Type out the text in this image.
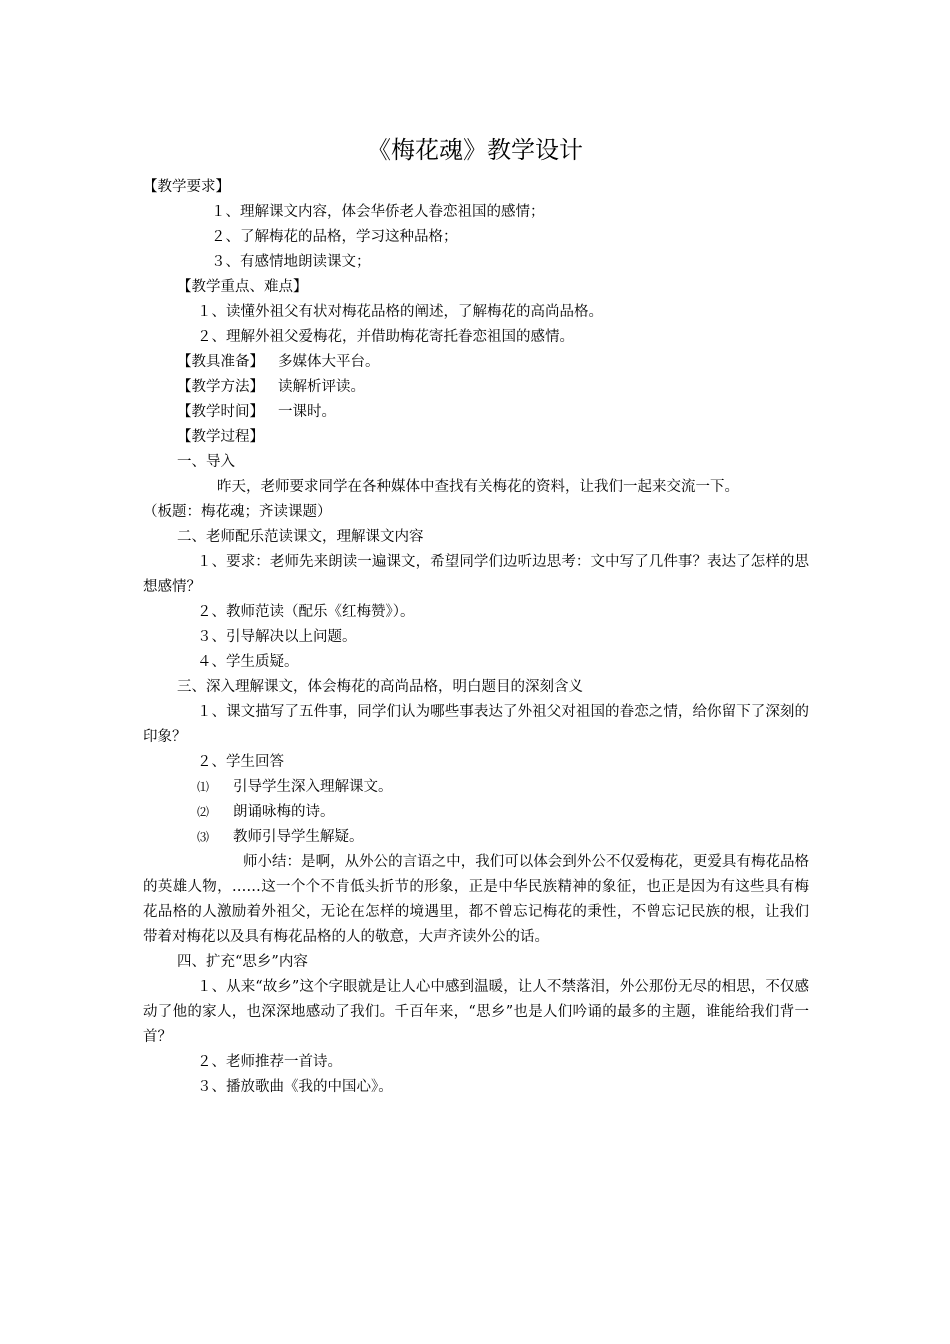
《梅花魂》教学设计

【教学要求】

１、理解课文内容，体会华侨老人眷恋祖国的感情；

２、了解梅花的品格，学习这种品格；

３、有感情地朗读课文；

【教学重点、难点】

１、读懂外祖父有状对梅花品格的阐述，了解梅花的高尚品格。

２、理解外祖父爱梅花，并借助梅花寄托眷恋祖国的感情。

【教具准备】 多媒体大平台。

【教学方法】 读解析评读。

【教学时间】 一课时。

【教学过程】

一、导入

昨天，老师要求同学在各种媒体中查找有关梅花的资料，让我们一起来交流一下。

（板题：梅花魂；齐读课题）

二、老师配乐范读课文，理解课文内容

１、要求：老师先来朗读一遍课文，希望同学们边听边思考：文中写了几件事？表达了怎样的思想感情？

２、教师范读（配乐《红梅赞》）。

３、引导解决以上问题。

４、学生质疑。

三、深入理解课文，体会梅花的高尚品格，明白题目的深刻含义

１、课文描写了五件事，同学们认为哪些事表达了外祖父对祖国的眷恋之情，给你留下了深刻的印象？

２、学生回答

⑴ 引导学生深入理解课文。

⑵ 朗诵咏梅的诗。

⑶ 教师引导学生解疑。

师小结：是啊，从外公的言语之中，我们可以体会到外公不仅爱梅花，更爱具有梅花品格的英雄人物，……这一个个不肯低头折节的形象，正是中华民族精神的象征，也正是因为有这些具有梅花品格的人激励着外祖父，无论在怎样的境遇里，都不曾忘记梅花的秉性，不曾忘记民族的根，让我们带着对梅花以及具有梅花品格的人的敬意，大声齐读外公的话。

四、扩充“思乡”内容

１、从来“故乡”这个字眼就是让人心中感到温暖，让人不禁落泪，外公那份无尽的相思，不仅感动了他的家人，也深深地感动了我们。千百年来，“思乡”也是人们吟诵的最多的主题，谁能给我们背一首？

２、老师推荐一首诗。

３、播放歌曲《我的中国心》。
